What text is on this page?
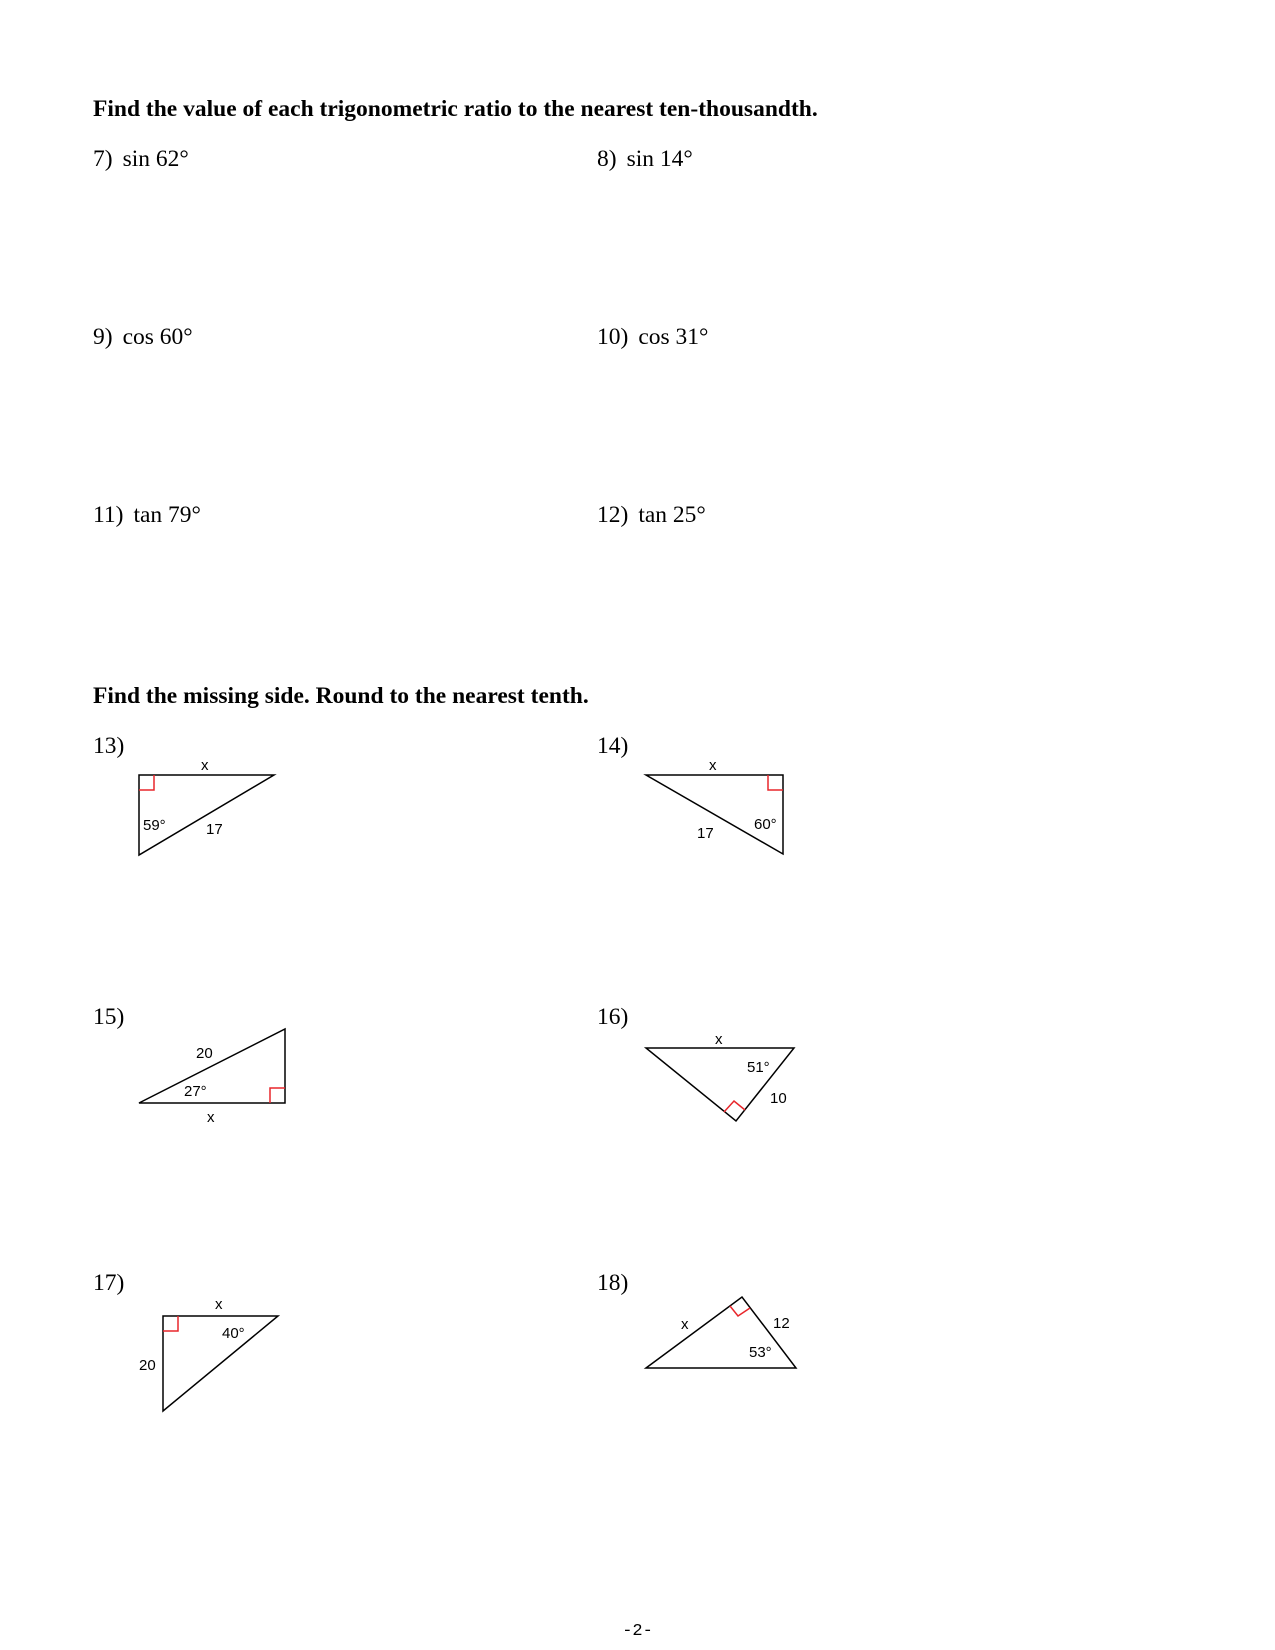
Find the value of each trigonometric ratio to the nearest ten-thousandth.
7) sin 62°	8) sin 14°
9) cos 60°	10) cos 31°
11) tan 79°	12) tan 25°
Find the missing side. Round to the nearest tenth.
13)	14)
15)	16)
17)	18)
x
59°	17
x
60°
17
20
27°
x
x
51°
10
x
40°
20
x	12
53°
-2-
